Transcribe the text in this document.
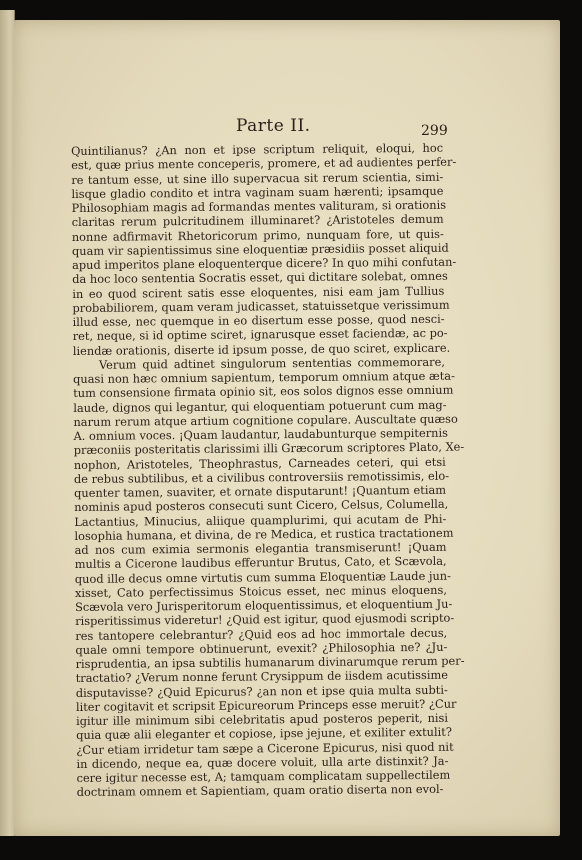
Parte II.	299
Quintilianus? ¿An non et ipse scriptum reliquit, eloqui, hoc
est, quæ prius mente conceperis, promere, et ad audientes perfer-
re tantum esse, ut sine illo supervacua sit rerum scientia, simi-
lisque gladio condito et intra vaginam suam hærenti; ipsamque
Philosophiam magis ad formandas mentes valituram, si orationis
claritas rerum pulcritudinem illuminaret? ¿Aristoteles demum
nonne adfirmavit Rhetoricorum primo, nunquam fore, ut quis-
quam vir sapientissimus sine eloquentiæ præsidiis posset aliquid
apud imperitos plane eloquenterque dicere? In quo mihi confutan-
da hoc loco sententia Socratis esset, qui dictitare solebat, omnes
in eo quod scirent satis esse eloquentes, nisi eam jam Tullius
probabiliorem, quam veram judicasset, statuissetque verissimum
illud esse, nec quemque in eo disertum esse posse, quod nesci-
ret, neque, si id optime sciret, ignarusque esset faciendæ, ac po-
liendæ orationis, diserte id ipsum posse, de quo sciret, explicare.
Verum quid adtinet singulorum sententias commemorare,
quasi non hæc omnium sapientum, temporum omnium atque æta-
tum consensione firmata opinio sit, eos solos dignos esse omnium
laude, dignos qui legantur, qui eloquentiam potuerunt cum mag-
narum rerum atque artium cognitione copulare. Auscultate quæso
A. omnium voces. ¡Quam laudantur, laudabunturque sempiternis
præconiis posteritatis clarissimi illi Græcorum scriptores Plato, Xe-
nophon, Aristoteles, Theophrastus, Carneades ceteri, qui etsi
de rebus subtilibus, et a civilibus controversiis remotissimis, elo-
quenter tamen, suaviter, et ornate disputarunt! ¡Quantum etiam
nominis apud posteros consecuti sunt Cicero, Celsus, Columella,
Lactantius, Minucius, aliique quamplurimi, qui acutam de Phi-
losophia humana, et divina, de re Medica, et rustica tractationem
ad nos cum eximia sermonis elegantia transmiserunt! ¡Quam
multis a Cicerone laudibus efferuntur Brutus, Cato, et Scævola,
quod ille decus omne virtutis cum summa Eloquentiæ Laude jun-
xisset, Cato perfectissimus Stoicus esset, nec minus eloquens,
Scævola vero Jurisperitorum eloquentissimus, et eloquentium Ju-
risperitissimus videretur! ¿Quid est igitur, quod ejusmodi scripto-
res tantopere celebrantur? ¿Quid eos ad hoc immortale decus,
quale omni tempore obtinuerunt, evexit? ¿Philosophia ne? ¿Ju-
risprudentia, an ipsa subtilis humanarum divinarumque rerum per-
tractatio? ¿Verum nonne ferunt Crysippum de iisdem acutissime
disputavisse? ¿Quid Epicurus? ¿an non et ipse quia multa subti-
liter cogitavit et scripsit Epicureorum Princeps esse meruit? ¿Cur
igitur ille minimum sibi celebritatis apud posteros peperit, nisi
quia quæ alii eleganter et copiose, ipse jejune, et exiliter extulit?
¿Cur etiam irridetur tam sæpe a Cicerone Epicurus, nisi quod nit
in dicendo, neque ea, quæ docere voluit, ulla arte distinxit? Ja-
cere igitur necesse est, A; tamquam complicatam suppellectilem
doctrinam omnem et Sapientiam, quam oratio diserta non evol-
